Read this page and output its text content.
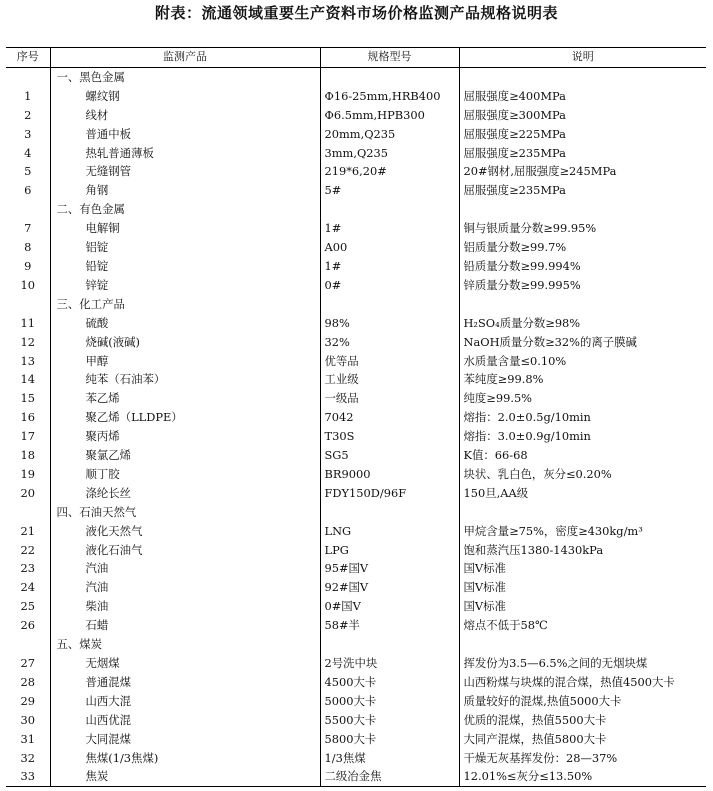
附表：流通领域重要生产资料市场价格监测产品规格说明表
序号	监测产品	规格型号	说明
	一、黑色金属		
1	螺纹钢	Φ16-25mm,HRB400	屈服强度≥400MPa
2	线材	Φ6.5mm,HPB300	屈服强度≥300MPa
3	普通中板	20mm,Q235	屈服强度≥225MPa
4	热轧普通薄板	3mm,Q235	屈服强度≥235MPa
5	无缝钢管	219*6,20#	20#钢材,屈服强度≥245MPa
6	角钢	5#	屈服强度≥235MPa
	二、有色金属		
7	电解铜	1#	铜与银质量分数≥99.95%
8	铝锭	A00	铝质量分数≥99.7%
9	铅锭	1#	铅质量分数≥99.994%
10	锌锭	0#	锌质量分数≥99.995%
	三、化工产品		
11	硫酸	98%	H₂SO₄质量分数≥98%
12	烧碱(液碱)	32%	NaOH质量分数≥32%的离子膜碱
13	甲醇	优等品	水质量含量≤0.10%
14	纯苯（石油苯）	工业级	苯纯度≥99.8%
15	苯乙烯	一级品	纯度≥99.5%
16	聚乙烯（LLDPE）	7042	熔指：2.0±0.5g/10min
17	聚丙烯	T30S	熔指：3.0±0.9g/10min
18	聚氯乙烯	SG5	K值：66-68
19	顺丁胶	BR9000	块状、乳白色，灰分≤0.20%
20	涤纶长丝	FDY150D/96F	150旦,AA级
	四、石油天然气		
21	液化天然气	LNG	甲烷含量≥75%，密度≥430kg/m³
22	液化石油气	LPG	饱和蒸汽压1380-1430kPa
23	汽油	95#国Ⅴ	国Ⅴ标准
24	汽油	92#国Ⅴ	国Ⅴ标准
25	柴油	0#国Ⅴ	国Ⅴ标准
26	石蜡	58#半	熔点不低于58℃
	五、煤炭		
27	无烟煤	2号洗中块	挥发份为3.5—6.5%之间的无烟块煤
28	普通混煤	4500大卡	山西粉煤与块煤的混合煤，热值4500大卡
29	山西大混	5000大卡	质量较好的混煤,热值5000大卡
30	山西优混	5500大卡	优质的混煤，热值5500大卡
31	大同混煤	5800大卡	大同产混煤，热值5800大卡
32	焦煤(1/3焦煤)	1/3焦煤	干燥无灰基挥发份：28—37%
33	焦炭	二级冶金焦	12.01%≤灰分≤13.50%
